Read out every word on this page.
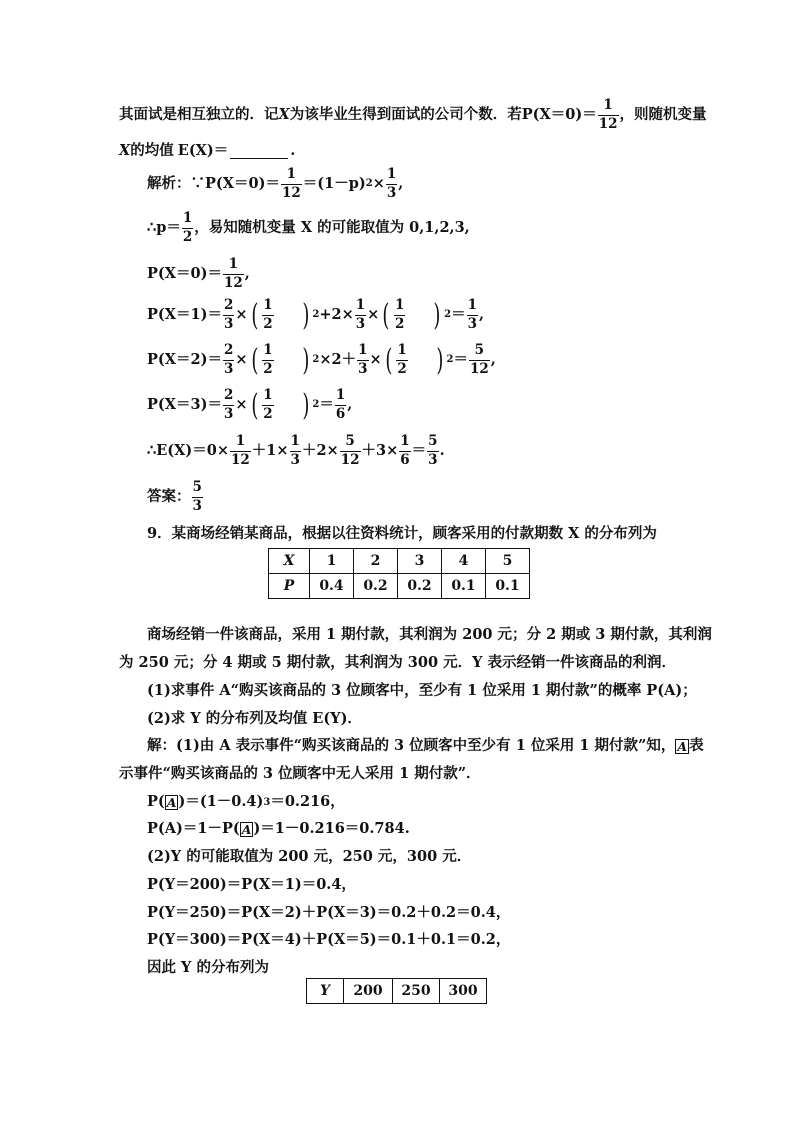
其面试是相互独立的．记 X 为该毕业生得到面试的公司个数．若 $P(X=0)= \frac{1}{12}$ ，则随机变量
X 的均值 E(X)＝	.
解析：∵P(X＝0)＝ $\frac{1}{12} =(1-p) 2 \times \frac{1}{3}$ ,
∴p＝ $\frac{1}{2}$ ，易知随机变量 X 的可能取值为 0,1,2,3,
$P(X=0)= \frac{1}{12}$ ,
$P(X=1)= \frac{2}{3}$ × ( $\frac{1}{2}$ ) $2 +2\times \frac{1}{3}$ × ( $\frac{1}{2}$ ) $2 = \frac{1}{3}$ ,
$P(X=2)= \frac{2}{3}$ × ( $\frac{1}{2}$ ) $2 \times 2+ \frac{1}{3}$ × ( $\frac{1}{2}$ ) $2 = \frac{5}{12}$ ,
$P(X=3)= \frac{2}{3}$ × ( $\frac{1}{2}$ ) $2 = \frac{1}{6}$ ,
∴E(X)＝0× $\frac{1}{12} +1\times \frac{1}{3} +2\times \frac{5}{12} +3\times \frac{1}{6} = \frac{5}{3}$ .
答案： $\frac{5}{3}$
9．某商场经销某商品，根据以往资料统计，顾客采用的付款期数 X 的分布列为
X	1	2	3	4	5
P	0.4	0.2	0.2	0.1	0.1
商场经销一件该商品，采用 1 期付款，其利润为 200 元；分 2 期或 3 期付款，其利润
为 250 元；分 4 期或 5 期付款，其利润为 300 元．Y 表示经销一件该商品的利润．
(1)求事件 A“购买该商品的 3 位顾客中，至少有 1 位采用 1 期付款”的概率 P(A)；
(2)求 Y 的分布列及均值 E(Y)．
解：(1)由 A 表示事件“购买该商品的 3 位顾客中至少有 1 位采用 1 期付款”知， A 表
示事件“购买该商品的 3 位顾客中无人采用 1 期付款”．
P( A )＝(1－0.4) 3 ＝0.216，
P(A)＝1－P( A )＝1－0.216＝0.784.
(2)Y 的可能取值为 200 元，250 元，300 元．
P(Y＝200)＝P(X＝1)＝0.4，
P(Y＝250)＝P(X＝2)＋P(X＝3)＝0.2＋0.2＝0.4，
P(Y＝300)＝P(X＝4)＋P(X＝5)＝0.1＋0.1＝0.2，
因此 Y 的分布列为
Y	200	250	300
